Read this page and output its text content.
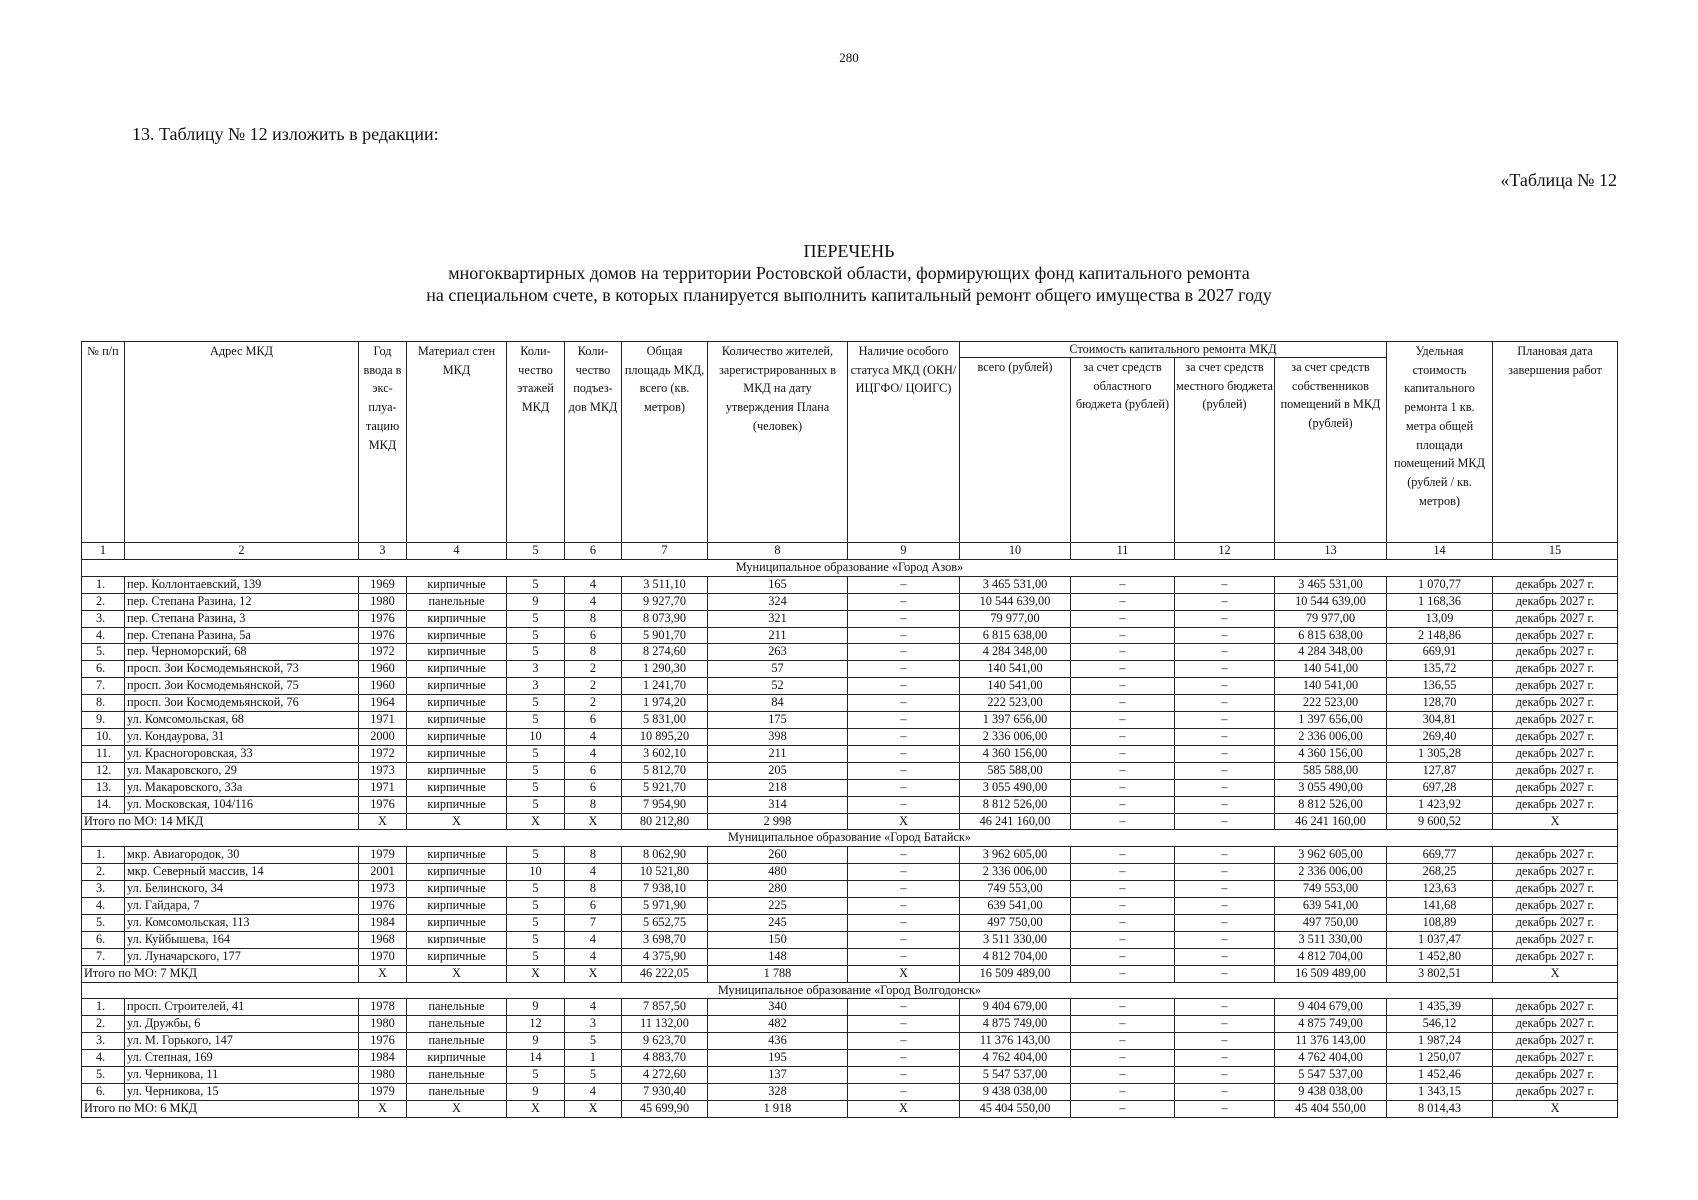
280
13. Таблицу № 12 изложить в редакции:
«Таблица № 12
ПЕРЕЧЕНЬ
многоквартирных домов на территории Ростовской области, формирующих фонд капитального ремонта
на специальном счете, в которых планируется выполнить капитальный ремонт общего имущества в 2027 году
№ п/п	Адрес МКД	Год ввода в экс-плуа-тацию МКД	Материал стен МКД	Коли-чество этажей МКД	Коли-чество подъез-дов МКД	Общая площадь МКД, всего (кв. метров)	Количество жителей, зарегистрированных в МКД на дату утверждения Плана (человек)	Наличие особого статуса МКД (ОКН/ИЦГФО/ ЦОИГС)	Стоимость капитального ремонта МКД				Удельная стоимость капитального ремонта 1 кв. метра общей площади помещений МКД (рублей / кв. метров)	Плановая дата завершения работ
									всего (рублей)	за счет средств областного бюджета (рублей)	за счет средств местного бюджета (рублей)	за счет средств собственников помещений в МКД (рублей)		
1	2	3	4	5	6	7	8	9	10	11	12	13	14	15
Муниципальное образование «Город Азов»														
1.	пер. Коллонтаевский, 139	1969	кирпичные	5	4	3 511,10	165	–	3 465 531,00	–	–	3 465 531,00	1 070,77	декабрь 2027 г.
2.	пер. Степана Разина, 12	1980	панельные	9	4	9 927,70	324	–	10 544 639,00	–	–	10 544 639,00	1 168,36	декабрь 2027 г.
3.	пер. Степана Разина, 3	1976	кирпичные	5	8	8 073,90	321	–	79 977,00	–	–	79 977,00	13,09	декабрь 2027 г.
4.	пер. Степана Разина, 5а	1976	кирпичные	5	6	5 901,70	211	–	6 815 638,00	–	–	6 815 638,00	2 148,86	декабрь 2027 г.
5.	пер. Черноморский, 68	1972	кирпичные	5	8	8 274,60	263	–	4 284 348,00	–	–	4 284 348,00	669,91	декабрь 2027 г.
6.	просп. Зои Космодемьянской, 73	1960	кирпичные	3	2	1 290,30	57	–	140 541,00	–	–	140 541,00	135,72	декабрь 2027 г.
7.	просп. Зои Космодемьянской, 75	1960	кирпичные	3	2	1 241,70	52	–	140 541,00	–	–	140 541,00	136,55	декабрь 2027 г.
8.	просп. Зои Космодемьянской, 76	1964	кирпичные	5	2	1 974,20	84	–	222 523,00	–	–	222 523,00	128,70	декабрь 2027 г.
9.	ул. Комсомольская, 68	1971	кирпичные	5	6	5 831,00	175	–	1 397 656,00	–	–	1 397 656,00	304,81	декабрь 2027 г.
10.	ул. Кондаурова, 31	2000	кирпичные	10	4	10 895,20	398	–	2 336 006,00	–	–	2 336 006,00	269,40	декабрь 2027 г.
11.	ул. Красногоровская, 33	1972	кирпичные	5	4	3 602,10	211	–	4 360 156,00	–	–	4 360 156,00	1 305,28	декабрь 2027 г.
12.	ул. Макаровского, 29	1973	кирпичные	5	6	5 812,70	205	–	585 588,00	–	–	585 588,00	127,87	декабрь 2027 г.
13.	ул. Макаровского, 33а	1971	кирпичные	5	6	5 921,70	218	–	3 055 490,00	–	–	3 055 490,00	697,28	декабрь 2027 г.
14.	ул. Московская, 104/116	1976	кирпичные	5	8	7 954,90	314	–	8 812 526,00	–	–	8 812 526,00	1 423,92	декабрь 2027 г.
Итого по МО: 14 МКД		X	X	X	X	80 212,80	2 998	X	46 241 160,00	–	–	46 241 160,00	9 600,52	X
Муниципальное образование «Город Батайск»														
1.	мкр. Авиагородок, 30	1979	кирпичные	5	8	8 062,90	260	–	3 962 605,00	–	–	3 962 605,00	669,77	декабрь 2027 г.
2.	мкр. Северный массив, 14	2001	кирпичные	10	4	10 521,80	480	–	2 336 006,00	–	–	2 336 006,00	268,25	декабрь 2027 г.
3.	ул. Белинского, 34	1973	кирпичные	5	8	7 938,10	280	–	749 553,00	–	–	749 553,00	123,63	декабрь 2027 г.
4.	ул. Гайдара, 7	1976	кирпичные	5	6	5 971,90	225	–	639 541,00	–	–	639 541,00	141,68	декабрь 2027 г.
5.	ул. Комсомольская, 113	1984	кирпичные	5	7	5 652,75	245	–	497 750,00	–	–	497 750,00	108,89	декабрь 2027 г.
6.	ул. Куйбышева, 164	1968	кирпичные	5	4	3 698,70	150	–	3 511 330,00	–	–	3 511 330,00	1 037,47	декабрь 2027 г.
7.	ул. Луначарского, 177	1970	кирпичные	5	4	4 375,90	148	–	4 812 704,00	–	–	4 812 704,00	1 452,80	декабрь 2027 г.
Итого по МО: 7 МКД		X	X	X	X	46 222,05	1 788	X	16 509 489,00	–	–	16 509 489,00	3 802,51	X
Муниципальное образование «Город Волгодонск»														
1.	просп. Строителей, 41	1978	панельные	9	4	7 857,50	340	–	9 404 679,00	–	–	9 404 679,00	1 435,39	декабрь 2027 г.
2.	ул. Дружбы, 6	1980	панельные	12	3	11 132,00	482	–	4 875 749,00	–	–	4 875 749,00	546,12	декабрь 2027 г.
3.	ул. М. Горького, 147	1976	панельные	9	5	9 623,70	436	–	11 376 143,00	–	–	11 376 143,00	1 987,24	декабрь 2027 г.
4.	ул. Степная, 169	1984	кирпичные	14	1	4 883,70	195	–	4 762 404,00	–	–	4 762 404,00	1 250,07	декабрь 2027 г.
5.	ул. Черникова, 11	1980	панельные	5	5	4 272,60	137	–	5 547 537,00	–	–	5 547 537,00	1 452,46	декабрь 2027 г.
6.	ул. Черникова, 15	1979	панельные	9	4	7 930,40	328	–	9 438 038,00	–	–	9 438 038,00	1 343,15	декабрь 2027 г.
Итого по МО: 6 МКД		X	X	X	X	45 699,90	1 918	X	45 404 550,00	–	–	45 404 550,00	8 014,43	X
